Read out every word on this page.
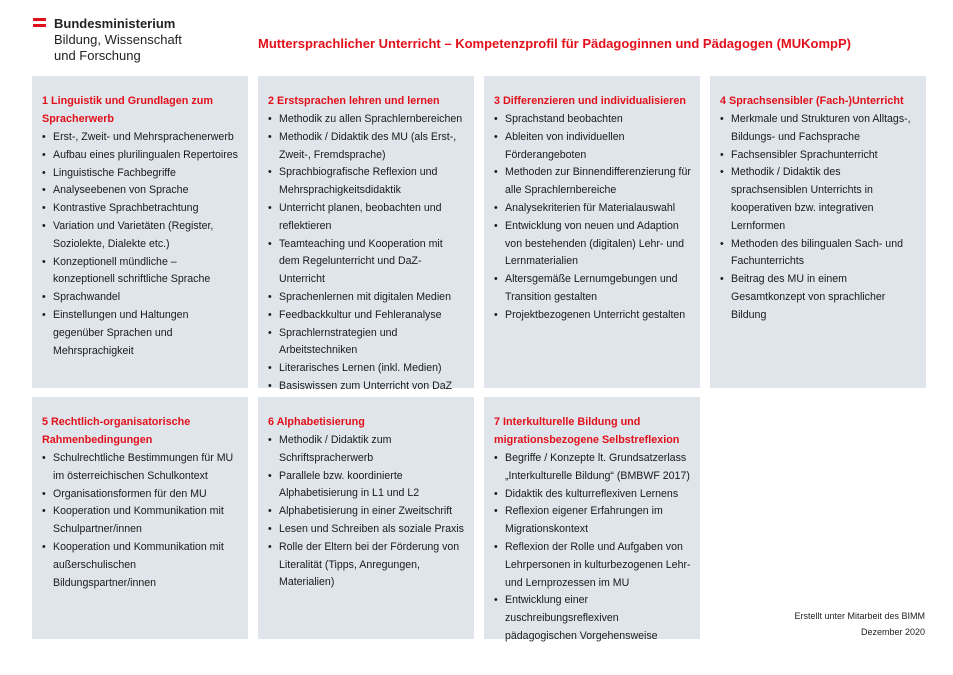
Bundesministerium
Bildung, Wissenschaft
und Forschung
Muttersprachlicher Unterricht – Kompetenzprofil für Pädagoginnen und Pädagogen (MUKompP)
1 Linguistik und Grundlagen zum Spracherwerb
• Erst-, Zweit- und Mehrsprachenerwerb
• Aufbau eines plurilingualen Repertoires
• Linguistische Fachbegriffe
• Analyseebenen von Sprache
• Kontrastive Sprachbetrachtung
• Variation und Varietäten (Register, Soziolekte, Dialekte etc.)
• Konzeptionell mündliche – konzeptionell schriftliche Sprache
• Sprachwandel
• Einstellungen und Haltungen gegenüber Sprachen und Mehrsprachigkeit
2 Erstsprachen lehren und lernen
• Methodik zu allen Sprachlernbereichen
• Methodik / Didaktik des MU (als Erst-, Zweit-, Fremdsprache)
• Sprachbiografische Reflexion und Mehrsprachigkeitsdidaktik
• Unterricht planen, beobachten und reflektieren
• Teamteaching und Kooperation mit dem Regelunterricht und DaZ-Unterricht
• Sprachenlernen mit digitalen Medien
• Feedbackkultur und Fehleranalyse
• Sprachlernstrategien und Arbeitstechniken
• Literarisches Lernen (inkl. Medien)
• Basiswissen zum Unterricht von DaZ
3 Differenzieren und individualisieren
• Sprachstand beobachten
• Ableiten von individuellen Förderangeboten
• Methoden zur Binnendifferenzierung für alle Sprachlernbereiche
• Analysekriterien für Materialauswahl
• Entwicklung von neuen und Adaption von bestehenden (digitalen) Lehr- und Lernmaterialien
• Altersgemäße Lernumgebungen und Transition gestalten
• Projektbezogenen Unterricht gestalten
4 Sprachsensibler (Fach-)Unterricht
• Merkmale und Strukturen von Alltags-, Bildungs- und Fachsprache
• Fachsensibler Sprachunterricht
• Methodik / Didaktik des sprachsensiblen Unterrichts in kooperativen bzw. integrativen Lernformen
• Methoden des bilingualen Sach- und Fachunterrichts
• Beitrag des MU in einem Gesamtkonzept von sprachlicher Bildung
5 Rechtlich-organisatorische Rahmenbedingungen
• Schulrechtliche Bestimmungen für MU im österreichischen Schulkontext
• Organisationsformen für den MU
• Kooperation und Kommunikation mit Schulpartner/innen
• Kooperation und Kommunikation mit außerschulischen Bildungspartner/innen
6 Alphabetisierung
• Methodik / Didaktik zum Schriftspracherwerb
• Parallele bzw. koordinierte Alphabetisierung in L1 und L2
• Alphabetisierung in einer Zweitschrift
• Lesen und Schreiben als soziale Praxis
• Rolle der Eltern bei der Förderung von Literalität (Tipps, Anregungen, Materialien)
7 Interkulturelle Bildung und migrationsbezogene Selbstreflexion
• Begriffe / Konzepte lt. Grundsatzerlass „Interkulturelle Bildung“ (BMBWF 2017)
• Didaktik des kulturreflexiven Lernens
• Reflexion eigener Erfahrungen im Migrationskontext
• Reflexion der Rolle und Aufgaben von Lehrpersonen in kulturbezogenen Lehr- und Lernprozessen im MU
• Entwicklung einer zuschreibungsreflexiven pädagogischen Vorgehensweise
Erstellt unter Mitarbeit des BIMM
Dezember 2020
